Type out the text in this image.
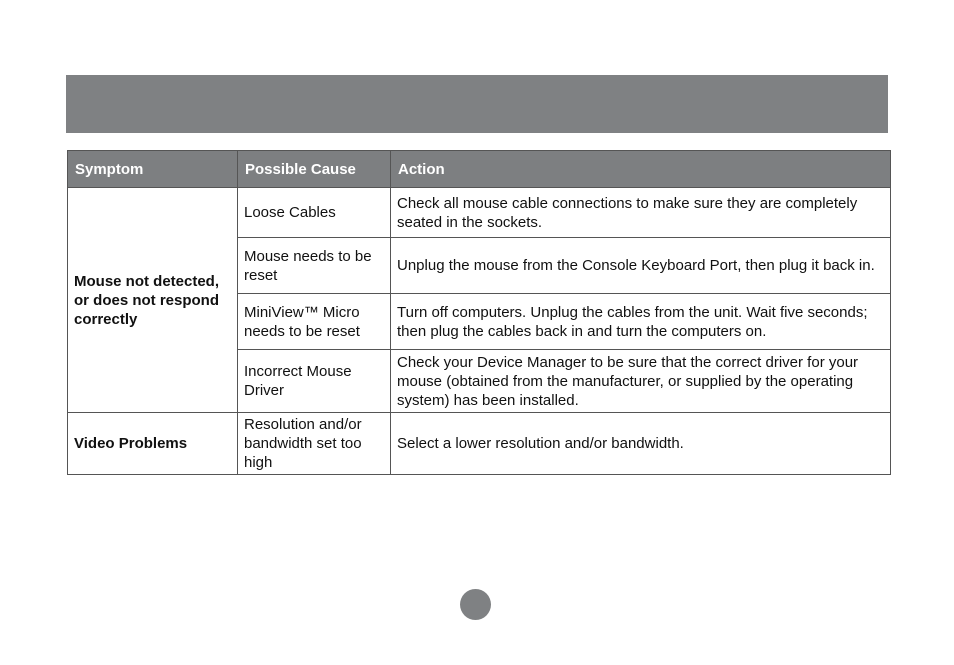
Symptom	Possible Cause	Action
Mouse not detected, or does not respond correctly	Loose Cables	Check all mouse cable connections to make sure they are completely seated in the sockets.
	Mouse needs to be reset	Unplug the mouse from the Console Keyboard Port, then plug it back in.
	MiniView™ Micro needs to be reset	Turn off computers. Unplug the cables from the unit. Wait five seconds; then plug the cables back in and turn the computers on.
	Incorrect Mouse Driver	Check your Device Manager to be sure that the correct driver for your mouse (obtained from the manufacturer, or supplied by the operating system) has been installed.
Video Problems	Resolution and/or bandwidth set too high	Select a lower resolution and/or bandwidth.
